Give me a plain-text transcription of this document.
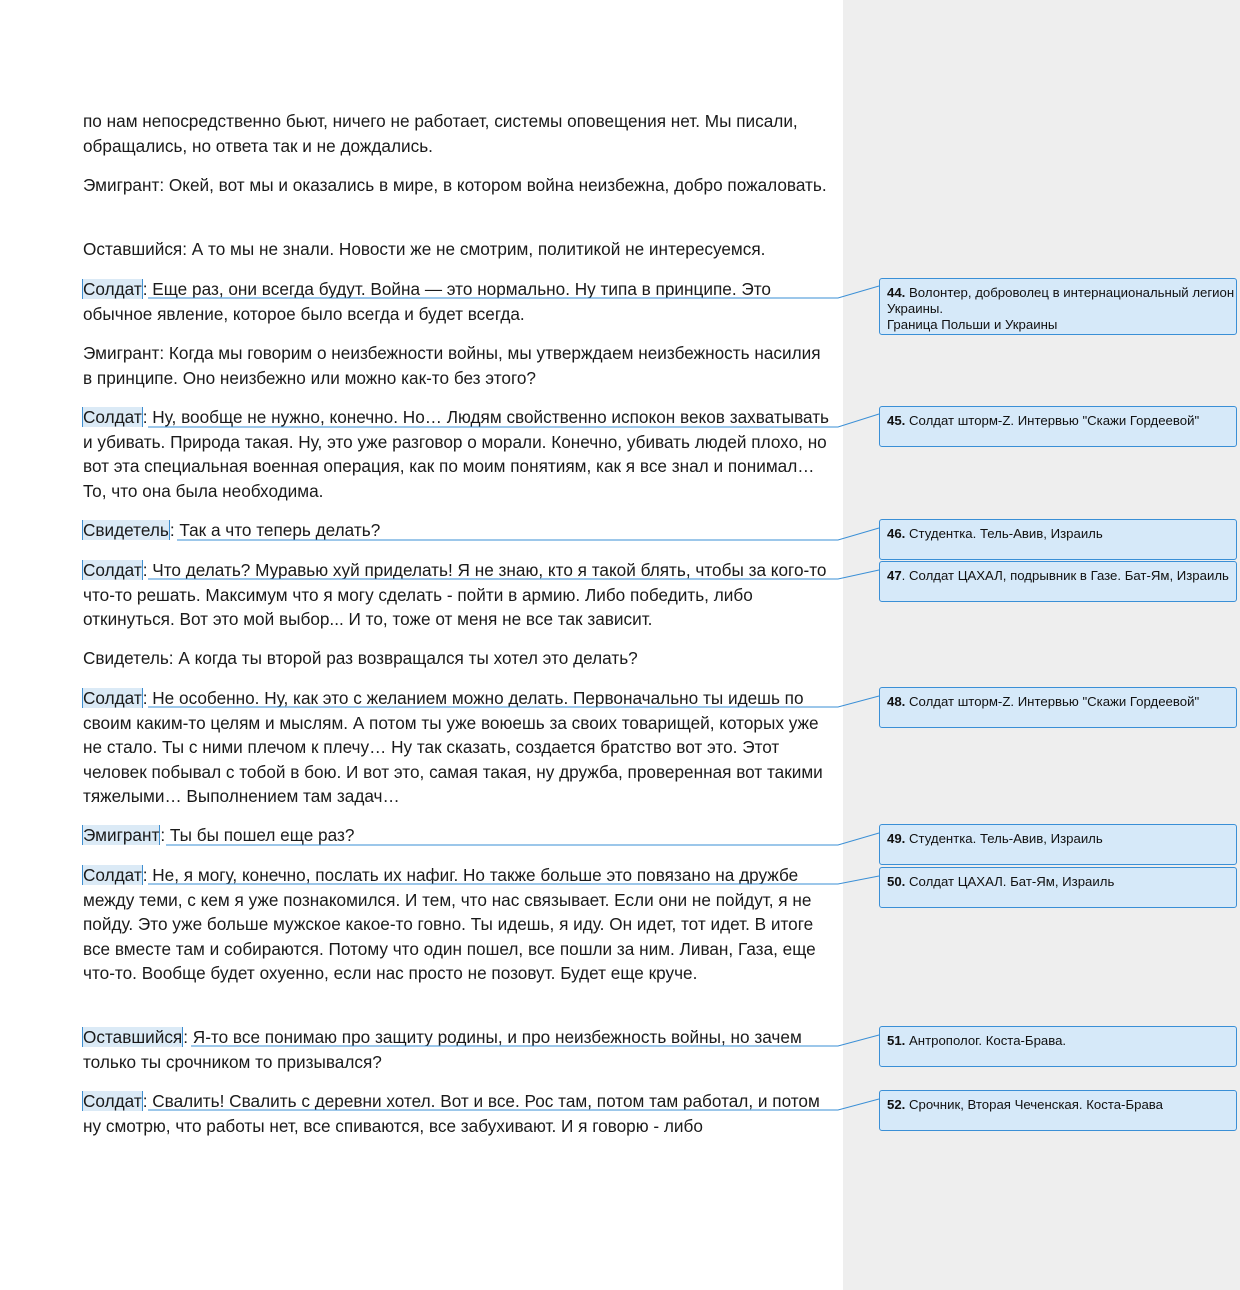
по нам непосредственно бьют, ничего не работает, системы оповещения нет. Мы писали, обращались, но ответа так и не дождались.

Эмигрант: Окей, вот мы и оказались в мире, в котором война неизбежна, добро пожаловать.

Оставшийся: А то мы не знали. Новости же не смотрим, политикой не интересуемся.

Солдат: Еще раз, они всегда будут. Война — это нормально. Ну типа в принципе. Это обычное явление, которое было всегда и будет всегда.

Эмигрант: Когда мы говорим о неизбежности войны, мы утверждаем неизбежность насилия в принципе. Оно неизбежно или можно как-то без этого?

Солдат: Ну, вообще не нужно, конечно. Но… Людям свойственно испокон веков захватывать и убивать. Природа такая. Ну, это уже разговор о морали. Конечно, убивать людей плохо, но вот эта специальная военная операция, как по моим понятиям, как я все знал и понимал… То, что она была необходима.

Свидетель: Так а что теперь делать?

Солдат: Что делать? Муравью хуй приделать! Я не знаю, кто я такой блять, чтобы за кого-то что-то решать. Максимум что я могу сделать - пойти в армию. Либо победить, либо откинуться. Вот это мой выбор... И то, тоже от меня не все так зависит.

Свидетель: А когда ты второй раз возвращался ты хотел это делать?

Солдат: Не особенно. Ну, как это с желанием можно делать. Первоначально ты идешь по своим каким-то целям и мыслям. А потом ты уже воюешь за своих товарищей, которых уже не стало. Ты с ними плечом к плечу… Ну так сказать, создается братство вот это. Этот человек побывал с тобой в бою. И вот это, самая такая, ну дружба, проверенная вот такими тяжелыми… Выполнением там задач…

Эмигрант: Ты бы пошел еще раз?

Солдат: Не, я могу, конечно, послать их нафиг. Но также больше это повязано на дружбе между теми, с кем я уже познакомился. И тем, что нас связывает. Если они не пойдут, я не пойду. Это уже больше мужское какое-то говно. Ты идешь, я иду. Он идет, тот идет. В итоге все вместе там и собираются. Потому что один пошел, все пошли за ним. Ливан, Газа, еще что-то. Вообще будет охуенно, если нас просто не позовут. Будет еще круче.

Оставшийся: Я-то все понимаю про защиту родины, и про неизбежность войны, но зачем только ты срочником то призывался?

Солдат: Свалить! Свалить с деревни хотел. Вот и все. Рос там, потом там работал, и потом ну смотрю, что работы нет, все спиваются, все забухивают. И я говорю - либо

44. Волонтер, доброволец в интернациональный легион Украины.
Граница Польши и Украины
45. Солдат шторм-Z. Интервью "Скажи Гордеевой"
46. Студентка. Тель-Авив, Израиль
47. Солдат ЦАХАЛ, подрывник в Газе. Бат-Ям, Израиль
48. Солдат шторм-Z. Интервью "Скажи Гордеевой"
49. Студентка. Тель-Авив, Израиль
50. Солдат ЦАХАЛ. Бат-Ям, Израиль
51. Антрополог. Коста-Брава.
52. Срочник, Вторая Чеченская. Коста-Брава
